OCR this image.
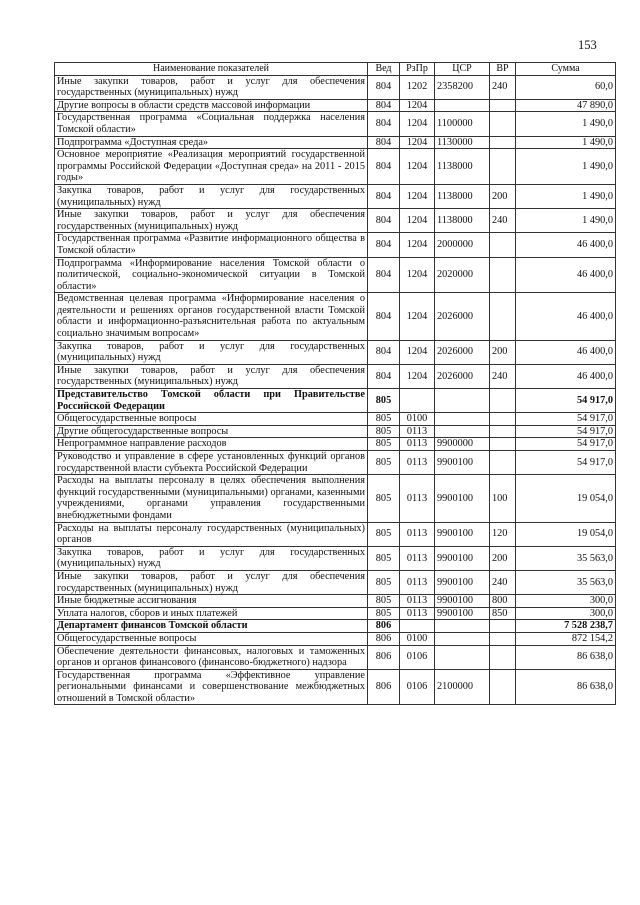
153
Наименование показателей	Вед	РзПр	ЦСР	ВР	Сумма
Иные закупки товаров, работ и услуг для обеспечения государственных (муниципальных) нужд	804	1202	2358200	240	60,0
Другие вопросы в области средств массовой информации	804	1204			47 890,0
Государственная программа «Социальная поддержка населения Томской области»	804	1204	1100000		1 490,0
Подпрограмма «Доступная среда»	804	1204	1130000		1 490,0
Основное мероприятие «Реализация мероприятий государственной программы Российской Федерации «Доступная среда» на 2011 - 2015 годы»	804	1204	1138000		1 490,0
Закупка товаров, работ и услуг для государственных (муниципальных) нужд	804	1204	1138000	200	1 490,0
Иные закупки товаров, работ и услуг для обеспечения государственных (муниципальных) нужд	804	1204	1138000	240	1 490,0
Государственная программа «Развитие информационного общества в Томской области»	804	1204	2000000		46 400,0
Подпрограмма «Информирование населения Томской области о политической, социально-экономической ситуации в Томской области»	804	1204	2020000		46 400,0
Ведомственная целевая программа «Информирование населения о деятельности и решениях органов государственной власти Томской области и информационно-разъяснительная работа по актуальным социально значимым вопросам»	804	1204	2026000		46 400,0
Закупка товаров, работ и услуг для государственных (муниципальных) нужд	804	1204	2026000	200	46 400,0
Иные закупки товаров, работ и услуг для обеспечения государственных (муниципальных) нужд	804	1204	2026000	240	46 400,0
Представительство Томской области при Правительстве Российской Федерации	805				54 917,0
Общегосударственные вопросы	805	0100			54 917,0
Другие общегосударственные вопросы	805	0113			54 917,0
Непрограммное направление расходов	805	0113	9900000		54 917,0
Руководство и управление в сфере установленных функций органов государственной власти субъекта Российской Федерации	805	0113	9900100		54 917,0
Расходы на выплаты персоналу в целях обеспечения выполнения функций государственными (муниципальными) органами, казенными учреждениями, органами управления государственными внебюджетными фондами	805	0113	9900100	100	19 054,0
Расходы на выплаты персоналу государственных (муниципальных) органов	805	0113	9900100	120	19 054,0
Закупка товаров, работ и услуг для государственных (муниципальных) нужд	805	0113	9900100	200	35 563,0
Иные закупки товаров, работ и услуг для обеспечения государственных (муниципальных) нужд	805	0113	9900100	240	35 563,0
Иные бюджетные ассигнования	805	0113	9900100	800	300,0
Уплата налогов, сборов и иных платежей	805	0113	9900100	850	300,0
Департамент финансов Томской области	806				7 528 238,7
Общегосударственные вопросы	806	0100			872 154,2
Обеспечение деятельности финансовых, налоговых и таможенных органов и органов финансового (финансово-бюджетного) надзора	806	0106			86 638,0
Государственная программа «Эффективное управление региональными финансами и совершенствование межбюджетных отношений в Томской области»	806	0106	2100000		86 638,0
